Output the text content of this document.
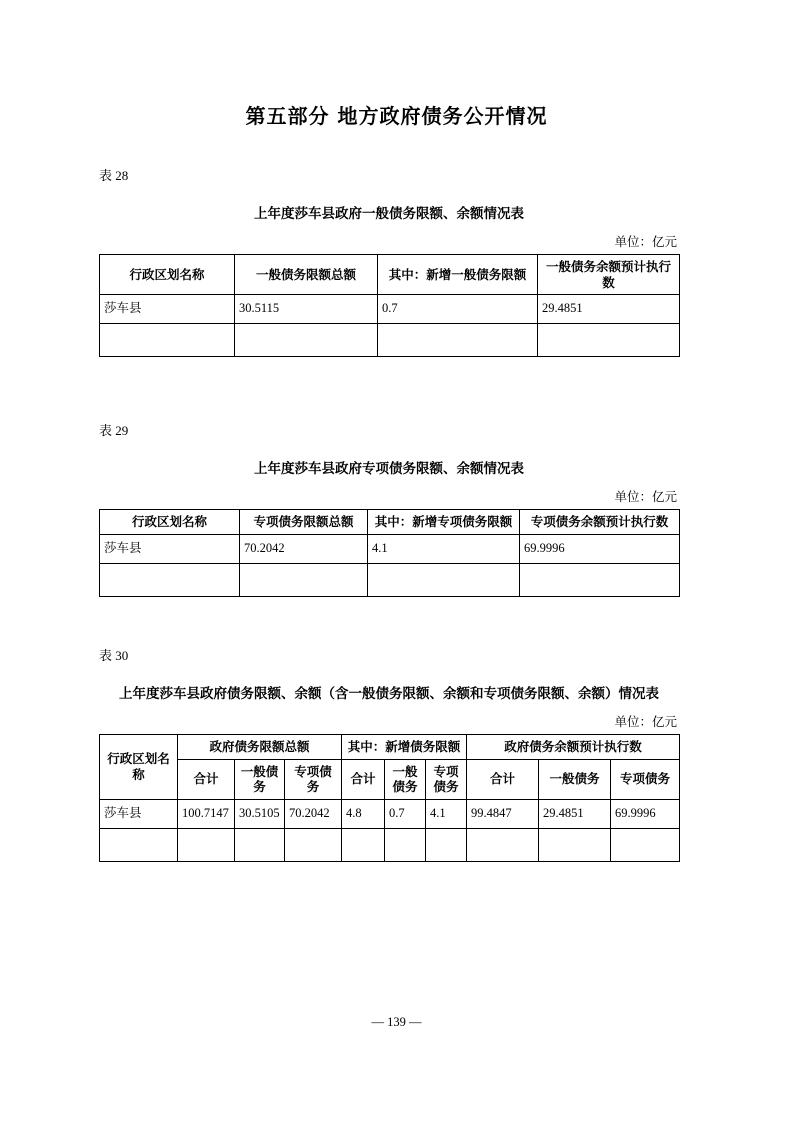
第五部分 地方政府债务公开情况
表 28
上年度莎车县政府一般债务限额、余额情况表
单位：亿元
行政区划名称	一般债务限额总额	其中：新增一般债务限额	一般债务余额预计执行数
莎车县	30.5115	0.7	29.4851

表 29
上年度莎车县政府专项债务限额、余额情况表
单位：亿元
行政区划名称	专项债务限额总额	其中：新增专项债务限额	专项债务余额预计执行数
莎车县	70.2042	4.1	69.9996

表 30
上年度莎车县政府债务限额、余额（含一般债务限额、余额和专项债务限额、余额）情况表
单位：亿元
行政区划名称	政府债务限额总额			其中：新增债务限额			政府债务余额预计执行数		
	合计	一般债务	专项债务	合计	一般债务	专项债务	合计	一般债务	专项债务
莎车县	100.7147	30.5105	70.2042	4.8	0.7	4.1	99.4847	29.4851	69.9996

— 139 —
